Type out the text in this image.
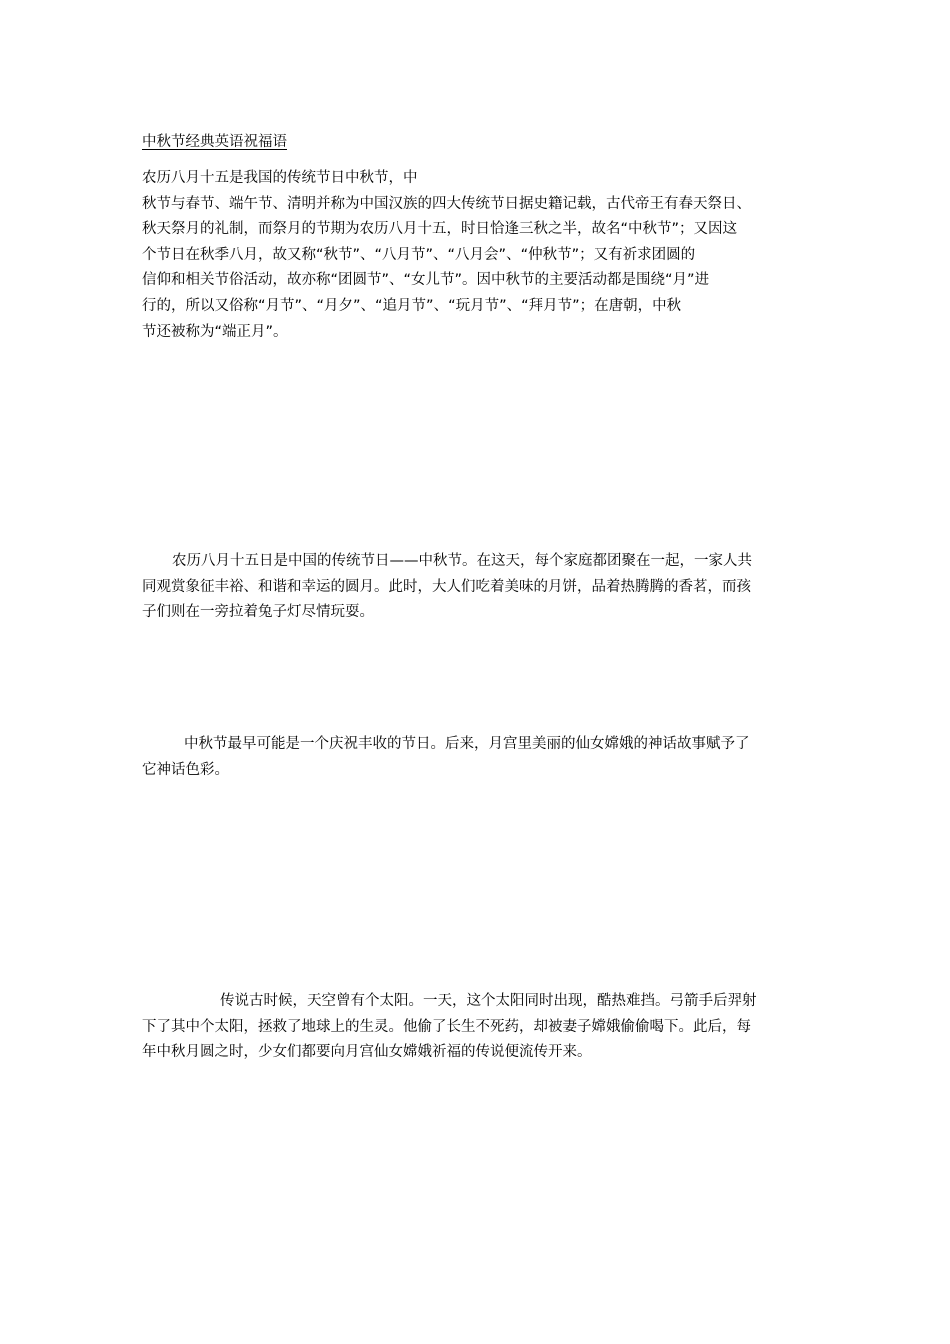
中秋节经典英语祝福语
农历八月十五是我国的传统节日中秋节，中
秋节与春节、端午节、清明并称为中国汉族的四大传统节日据史籍记载，古代帝王有春天祭日、
秋天祭月的礼制，而祭月的节期为农历八月十五，时日恰逢三秋之半，故名“中秋节”；又因这
个节日在秋季八月，故又称“秋节”、“八月节”、“八月会”、“仲秋节”；又有祈求团圆的
信仰和相关节俗活动，故亦称“团圆节”、“女儿节”。因中秋节的主要活动都是围绕“月”进
行的，所以又俗称“月节”、“月夕”、“追月节”、“玩月节”、“拜月节”；在唐朝，中秋
节还被称为“端正月”。
农历八月十五日是中国的传统节日——中秋节。在这天，每个家庭都团聚在一起，一家人共
同观赏象征丰裕、和谐和幸运的圆月。此时，大人们吃着美味的月饼，品着热腾腾的香茗，而孩
子们则在一旁拉着兔子灯尽情玩耍。
中秋节最早可能是一个庆祝丰收的节日。后来，月宫里美丽的仙女嫦娥的神话故事赋予了
它神话色彩。
传说古时候，天空曾有个太阳。一天，这个太阳同时出现，酷热难挡。弓箭手后羿射
下了其中个太阳，拯救了地球上的生灵。他偷了长生不死药，却被妻子嫦娥偷偷喝下。此后，每
年中秋月圆之时，少女们都要向月宫仙女嫦娥祈福的传说便流传开来。
